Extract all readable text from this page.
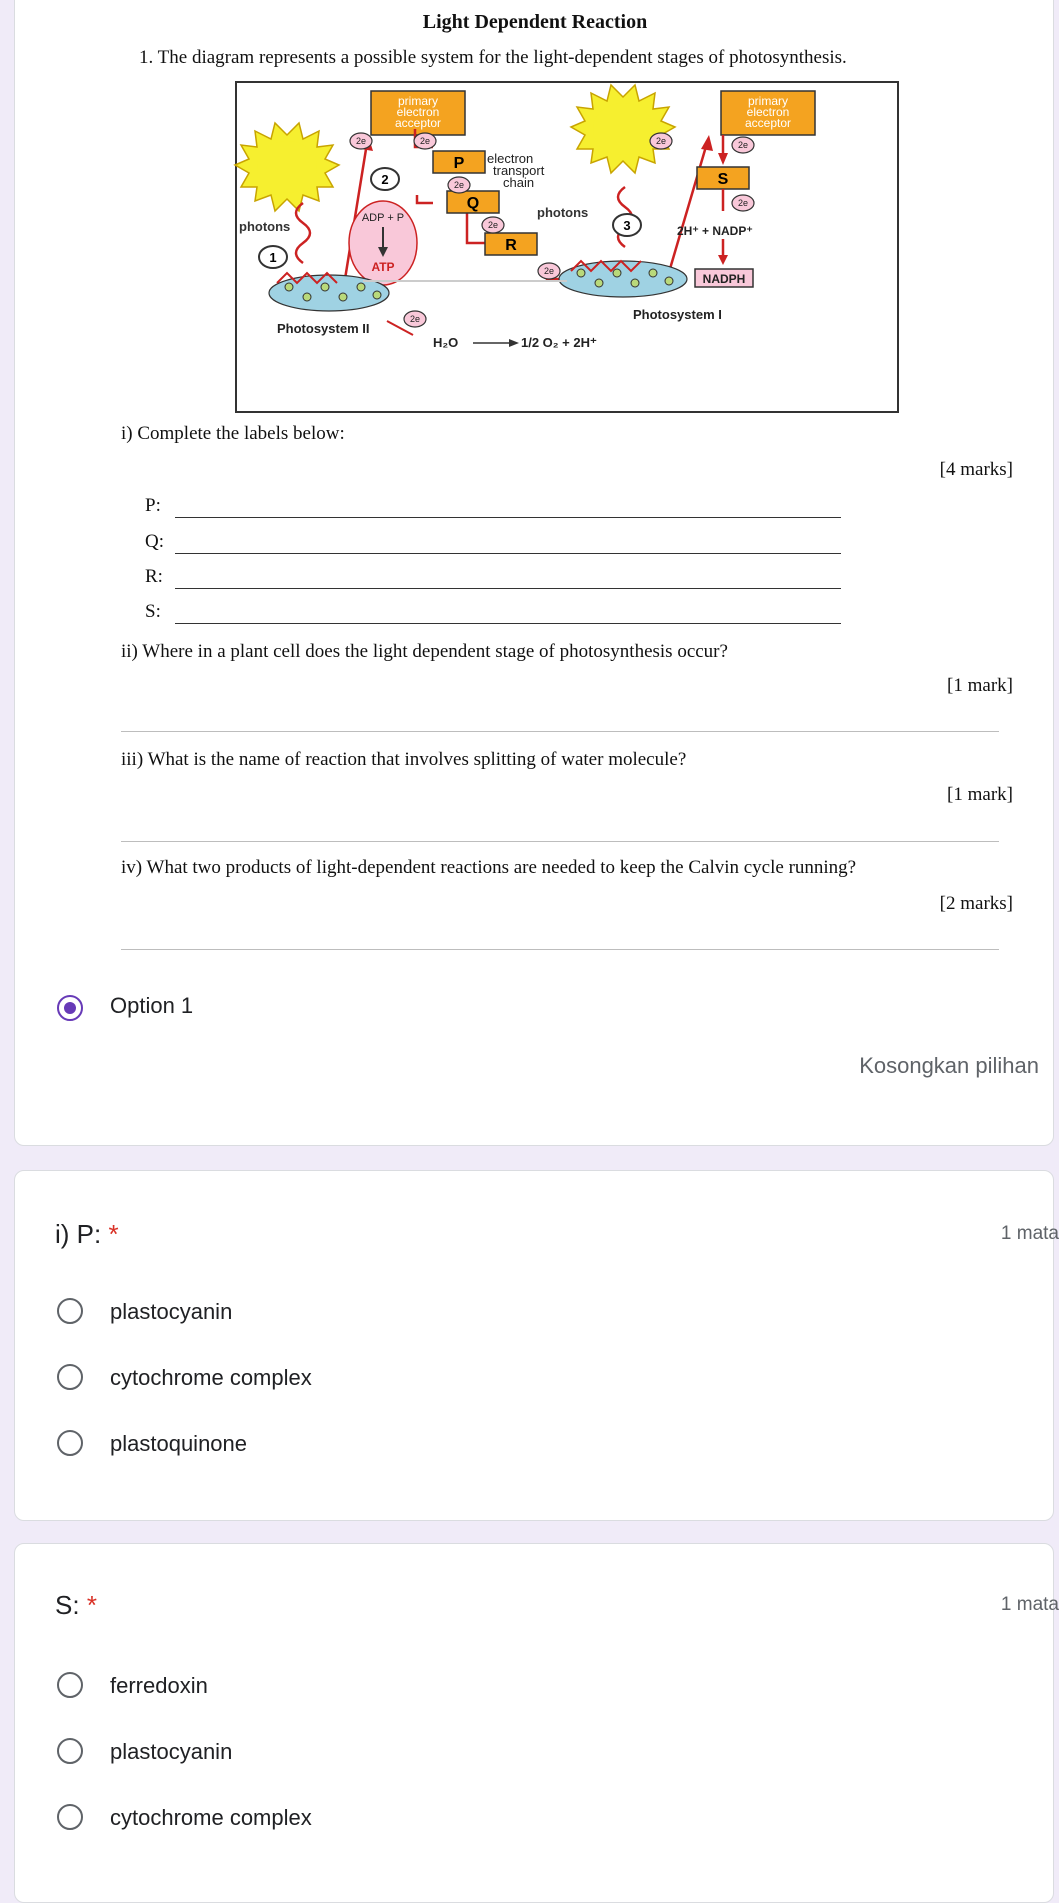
Light Dependent Reaction
1. The diagram represents a possible system for the light-dependent stages of photosynthesis.
primary
electron
acceptor
primary
electron
acceptor
photons
photons
1
2
3
ADP + P
ATP
P
Q
R
S
electron
transport
chain
2e	2e
2e
2e
2e
2e
2e	2e
2e
2H⁺ + NADP⁺
NADPH
Photosystem I
Photosystem II
H₂O	1/2 O₂ + 2H⁺
i) Complete the labels below:
[4 marks]
P:
Q:
R:
S:
ii) Where in a plant cell does the light dependent stage of photosynthesis occur?
[1 mark]
iii) What is the name of reaction that involves splitting of water molecule?
[1 mark]
iv) What two products of light-dependent reactions are needed to keep the Calvin cycle running?
[2 marks]
Option 1
Kosongkan pilihan
i) P: *	1 mata
plastocyanin
cytochrome complex
plastoquinone
S: *	1 mata
ferredoxin
plastocyanin
cytochrome complex
